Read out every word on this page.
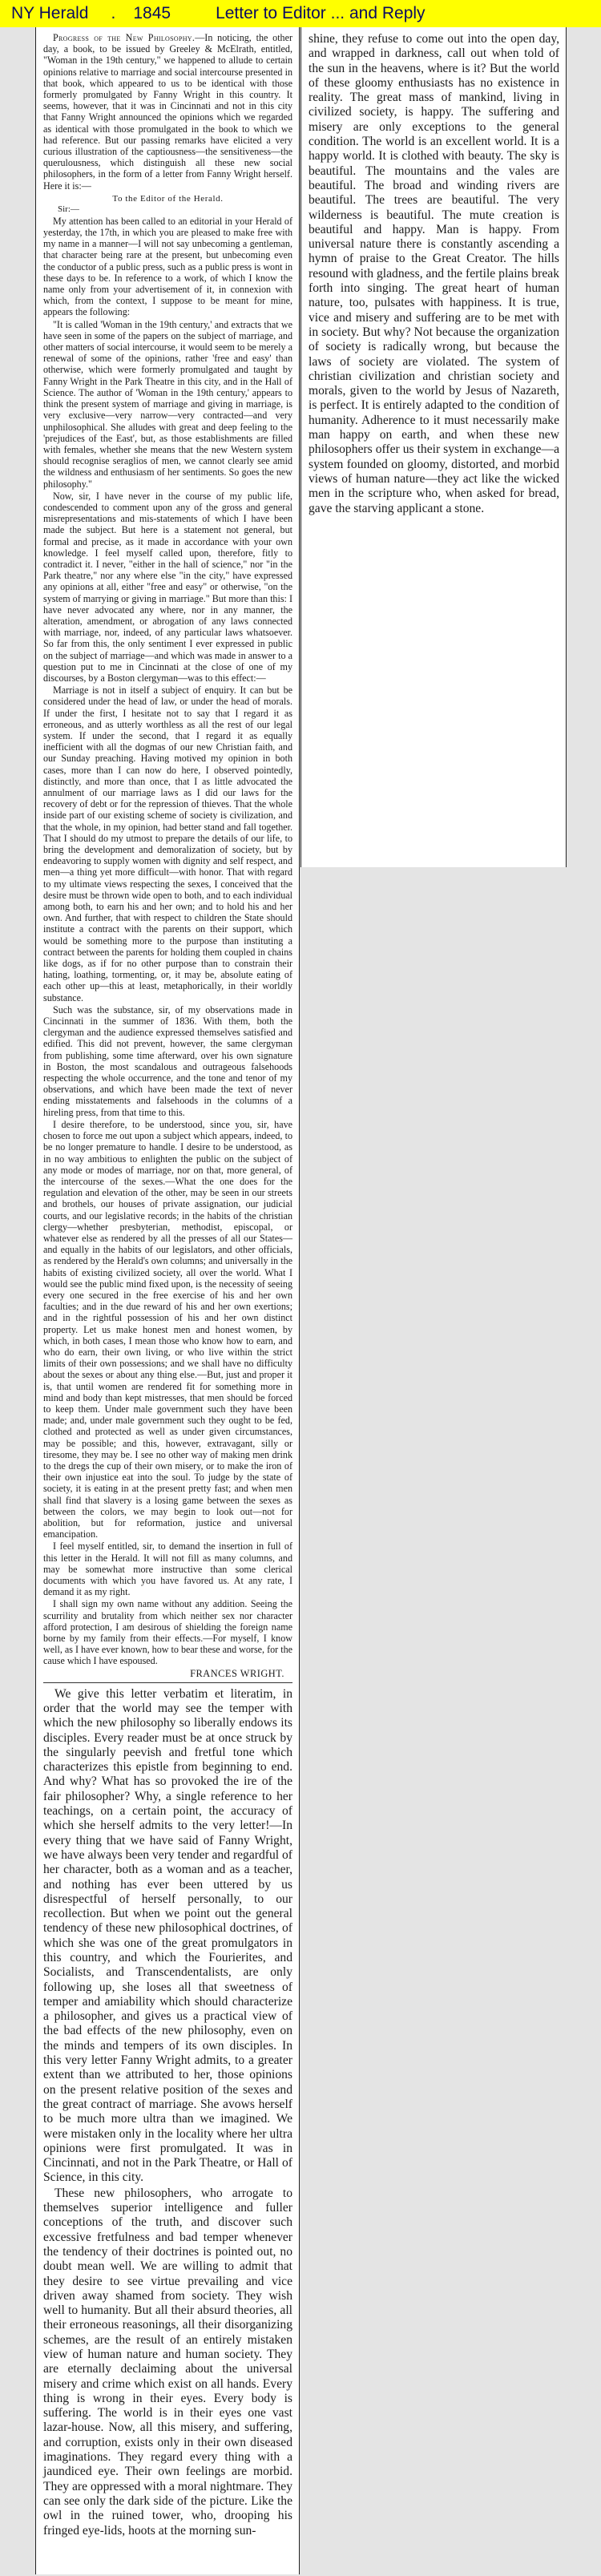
NY Herald . 1845	Letter to Editor ... and Reply

Progress of the New Philosophy.—In noticing, the other day, a book, to be issued by Greeley & McElrath, entitled, "Woman in the 19th century," we happened to allude to certain opinions relative to marriage and social intercourse presented in that book, which appeared to us to be identical with those formerly promulgated by Fanny Wright in this country. It seems, however, that it was in Cincinnati and not in this city that Fanny Wright announced the opinions which we regarded as identical with those promulgated in the book to which we had reference. But our passing remarks have elicited a very curious illustration of the captiousness—the sensitiveness—the querulousness, which distinguish all these new social philosophers, in the form of a letter from Fanny Wright herself. Here it is:—

To the Editor of the Herald.
Sir:—

My attention has been called to an editorial in your Herald of yesterday, the 17th, in which you are pleased to make free with my name in a manner—I will not say unbecoming a gentleman, that character being rare at the present, but unbecoming even the conductor of a public press, such as a public press is wont in these days to be. In reference to a work, of which I know the name only from your advertisement of it, in connexion with which, from the context, I suppose to be meant for mine, appears the following:

"It is called 'Woman in the 19th century,' and extracts that we have seen in some of the papers on the subject of marriage, and other matters of social intercourse, it would seem to be merely a renewal of some of the opinions, rather 'free and easy' than otherwise, which were formerly promulgated and taught by Fanny Wright in the Park Theatre in this city, and in the Hall of Science. The author of 'Woman in the 19th century,' appears to think the present system of marriage and giving in marriage, is very exclusive—very narrow—very contracted—and very unphilosophical. She alludes with great and deep feeling to the 'prejudices of the East', but, as those establishments are filled with females, whether she means that the new Western system should recognise seraglios of men, we cannot clearly see amid the wildness and enthusiasm of her sentiments. So goes the new philosophy."

Now, sir, I have never in the course of my public life, condescended to comment upon any of the gross and general misrepresentations and mis-statements of which I have been made the subject. But here is a statement not general, but formal and precise, as it made in accordance with your own knowledge. I feel myself called upon, therefore, fitly to contradict it. I never, "either in the hall of science," nor "in the Park theatre," nor any where else "in the city," have expressed any opinions at all, either "free and easy" or otherwise, "on the system of marrying or giving in marriage." But more than this: I have never advocated any where, nor in any manner, the alteration, amendment, or abrogation of any laws connected with marriage, nor, indeed, of any particular laws whatsoever. So far from this, the only sentiment I ever expressed in public on the subject of marriage—and which was made in answer to a question put to me in Cincinnati at the close of one of my discourses, by a Boston clergyman—was to this effect:—

Marriage is not in itself a subject of enquiry. It can but be considered under the head of law, or under the head of morals. If under the first, I hesitate not to say that I regard it as erroneous, and as utterly worthless as all the rest of our legal system. If under the second, that I regard it as equally inefficient with all the dogmas of our new Christian faith, and our Sunday preaching. Having motived my opinion in both cases, more than I can now do here, I observed pointedly, distinctly, and more than once, that I as little advocated the annulment of our marriage laws as I did our laws for the recovery of debt or for the repression of thieves. That the whole inside part of our existing scheme of society is civilization, and that the whole, in my opinion, had better stand and fall together. That I should do my utmost to prepare the details of our life, to bring the development and demoralization of society, but by endeavoring to supply women with dignity and self respect, and men—a thing yet more difficult—with honor. That with regard to my ultimate views respecting the sexes, I conceived that the desire must be thrown wide open to both, and to each individual among both, to earn his and her own; and to hold his and her own. And further, that with respect to children the State should institute a contract with the parents on their support, which would be something more to the purpose than instituting a contract between the parents for holding them coupled in chains like dogs, as if for no other purpose than to constrain their hating, loathing, tormenting, or, it may be, absolute eating of each other up—this at least, metaphorically, in their worldly substance.

Such was the substance, sir, of my observations made in Cincinnati in the summer of 1836. With them, both the clergyman and the audience expressed themselves satisfied and edified. This did not prevent, however, the same clergyman from publishing, some time afterward, over his own signature in Boston, the most scandalous and outrageous falsehoods respecting the whole occurrence, and the tone and tenor of my observations, and which have been made the text of never ending misstatements and falsehoods in the columns of a hireling press, from that time to this.

I desire therefore, to be understood, since you, sir, have chosen to force me out upon a subject which appears, indeed, to be no longer premature to handle. I desire to be understood, as in no way ambitious to enlighten the public on the subject of any mode or modes of marriage, nor on that, more general, of the intercourse of the sexes.—What the one does for the regulation and elevation of the other, may be seen in our streets and brothels, our houses of private assignation, our judicial courts, and our legislative records; in the habits of the christian clergy—whether presbyterian, methodist, episcopal, or whatever else as rendered by all the presses of all our States—and equally in the habits of our legislators, and other officials, as rendered by the Herald's own columns; and universally in the habits of existing civilized society, all over the world. What I would see the public mind fixed upon, is the necessity of seeing every one secured in the free exercise of his and her own faculties; and in the due reward of his and her own exertions; and in the rightful possession of his and her own distinct property. Let us make honest men and honest women, by which, in both cases, I mean those who know how to earn, and who do earn, their own living, or who live within the strict limits of their own possessions; and we shall have no difficulty about the sexes or about any thing else.—But, just and proper it is, that until women are rendered fit for something more in mind and body than kept mistresses, that men should be forced to keep them. Under male government such they have been made; and, under male government such they ought to be fed, clothed and protected as well as under given circumstances, may be possible; and this, however, extravagant, silly or tiresome, they may be. I see no other way of making men drink to the dregs the cup of their own misery, or to make the iron of their own injustice eat into the soul. To judge by the state of society, it is eating in at the present pretty fast; and when men shall find that slavery is a losing game between the sexes as between the colors, we may begin to look out—not for abolition, but for reformation, justice and universal emancipation.

I feel myself entitled, sir, to demand the insertion in full of this letter in the Herald. It will not fill as many columns, and may be somewhat more instructive than some clerical documents with which you have favored us. At any rate, I demand it as my right.

I shall sign my own name without any addition. Seeing the scurrility and brutality from which neither sex nor character afford protection, I am desirous of shielding the foreign name borne by my family from their effects.—For myself, I know well, as I have ever known, how to bear these and worse, for the cause which I have espoused.

FRANCES WRIGHT.

We give this letter verbatim et literatim, in order that the world may see the temper with which the new philosophy so liberally endows its disciples. Every reader must be at once struck by the singularly peevish and fretful tone which characterizes this epistle from beginning to end. And why? What has so provoked the ire of the fair philosopher? Why, a single reference to her teachings, on a certain point, the accuracy of which she herself admits to the very letter!—In every thing that we have said of Fanny Wright, we have always been very tender and regardful of her character, both as a woman and as a teacher, and nothing has ever been uttered by us disrespectful of herself personally, to our recollection. But when we point out the general tendency of these new philosophical doctrines, of which she was one of the great promulgators in this country, and which the Fourierites, and Socialists, and Transcendentalists, are only following up, she loses all that sweetness of temper and amiability which should characterize a philosopher, and gives us a practical view of the bad effects of the new philosophy, even on the minds and tempers of its own disciples. In this very letter Fanny Wright admits, to a greater extent than we attributed to her, those opinions on the present relative position of the sexes and the great contract of marriage. She avows herself to be much more ultra than we imagined. We were mistaken only in the locality where her ultra opinions were first promulgated. It was in Cincinnati, and not in the Park Theatre, or Hall of Science, in this city.

These new philosophers, who arrogate to themselves superior intelligence and fuller conceptions of the truth, and discover such excessive fretfulness and bad temper whenever the tendency of their doctrines is pointed out, no doubt mean well. We are willing to admit that they desire to see virtue prevailing and vice driven away shamed from society. They wish well to humanity. But all their absurd theories, all their erroneous reasonings, all their disorganizing schemes, are the result of an entirely mistaken view of human nature and human society. They are eternally declaiming about the universal misery and crime which exist on all hands. Every thing is wrong in their eyes. Every body is suffering. The world is in their eyes one vast lazar-house. Now, all this misery, and suffering, and corruption, exists only in their own diseased imaginations. They regard every thing with a jaundiced eye. Their own feelings are morbid. They are oppressed with a moral nightmare. They can see only the dark side of the picture. Like the owl in the ruined tower, who, drooping his fringed eye-lids, hoots at the morning sun-

shine, they refuse to come out into the open day, and wrapped in darkness, call out when told of the sun in the heavens, where is it? But the world of these gloomy enthusiasts has no existence in reality. The great mass of mankind, living in civilized society, is happy. The suffering and misery are only exceptions to the general condition. The world is an excellent world. It is a happy world. It is clothed with beauty. The sky is beautiful. The mountains and the vales are beautiful. The broad and winding rivers are beautiful. The trees are beautiful. The very wilderness is beautiful. The mute creation is beautiful and happy. Man is happy. From universal nature there is constantly ascending a hymn of praise to the Great Creator. The hills resound with gladness, and the fertile plains break forth into singing. The great heart of human nature, too, pulsates with happiness. It is true, vice and misery and suffering are to be met with in society. But why? Not because the organization of society is radically wrong, but because the laws of society are violated. The system of christian civilization and christian society and morals, given to the world by Jesus of Nazareth, is perfect. It is entirely adapted to the condition of humanity. Adherence to it must necessarily make man happy on earth, and when these new philosophers offer us their system in exchange—a system founded on gloomy, distorted, and morbid views of human nature—they act like the wicked men in the scripture who, when asked for bread, gave the starving applicant a stone.
